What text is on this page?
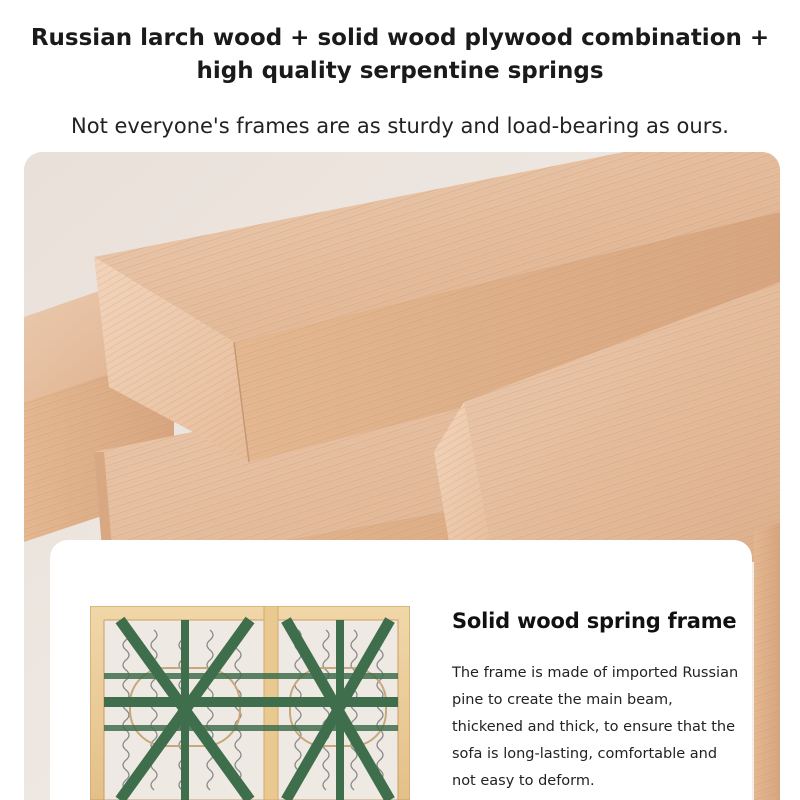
Russian larch wood + solid wood plywood combination +
high quality serpentine springs

Not everyone's frames are as sturdy and load-bearing as ours.

Solid wood spring frame

The frame is made of imported Russian pine to create the main beam, thickened and thick, to ensure that the sofa is long-lasting, comfortable and not easy to deform.
